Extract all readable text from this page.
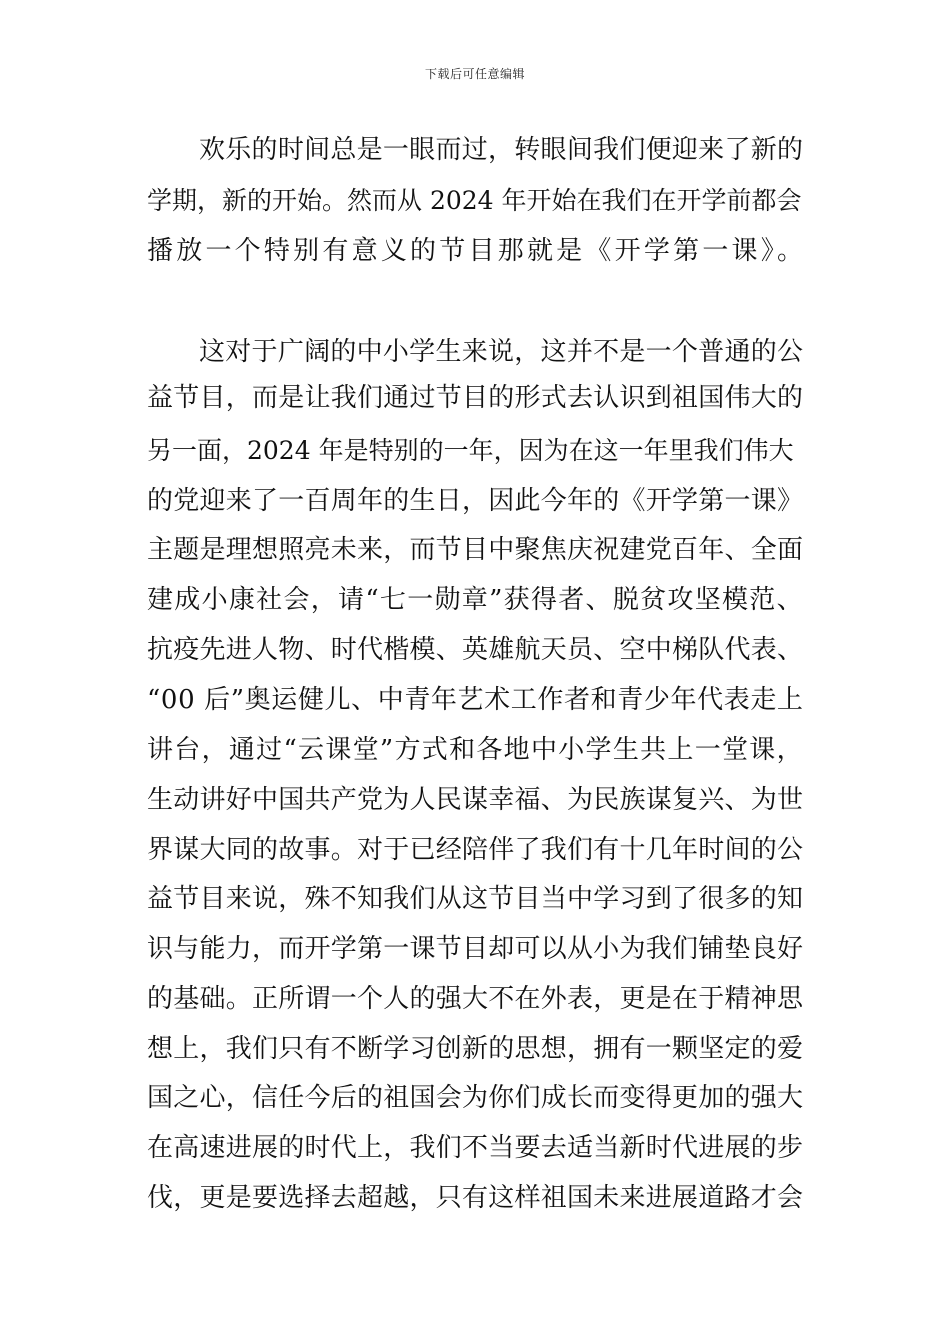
下载后可任意编辑
欢乐的时间总是一眼而过，转眼间我们便迎来了新的
学期，新的开始。然而从 2024 年开始在我们在开学前都会
播放一个特别有意义的节目那就是《开学第一课》。
这对于广阔的中小学生来说，这并不是一个普通的公
益节目，而是让我们通过节目的形式去认识到祖国伟大的
另一面，2024 年是特别的一年，因为在这一年里我们伟大
的党迎来了一百周年的生日，因此今年的《开学第一课》
主题是理想照亮未来，而节目中聚焦庆祝建党百年、全面
建成小康社会，请“七一勋章”获得者、脱贫攻坚模范、
抗疫先进人物、时代楷模、英雄航天员、空中梯队代表、
“00 后”奥运健儿、中青年艺术工作者和青少年代表走上
讲台，通过“云课堂”方式和各地中小学生共上一堂课，
生动讲好中国共产党为人民谋幸福、为民族谋复兴、为世
界谋大同的故事。对于已经陪伴了我们有十几年时间的公
益节目来说，殊不知我们从这节目当中学习到了很多的知
识与能力，而开学第一课节目却可以从小为我们铺垫良好
的基础。正所谓一个人的强大不在外表，更是在于精神思
想上，我们只有不断学习创新的思想，拥有一颗坚定的爱
国之心，信任今后的祖国会为你们成长而变得更加的强大
在高速进展的时代上，我们不当要去适当新时代进展的步
伐，更是要选择去超越，只有这样祖国未来进展道路才会
